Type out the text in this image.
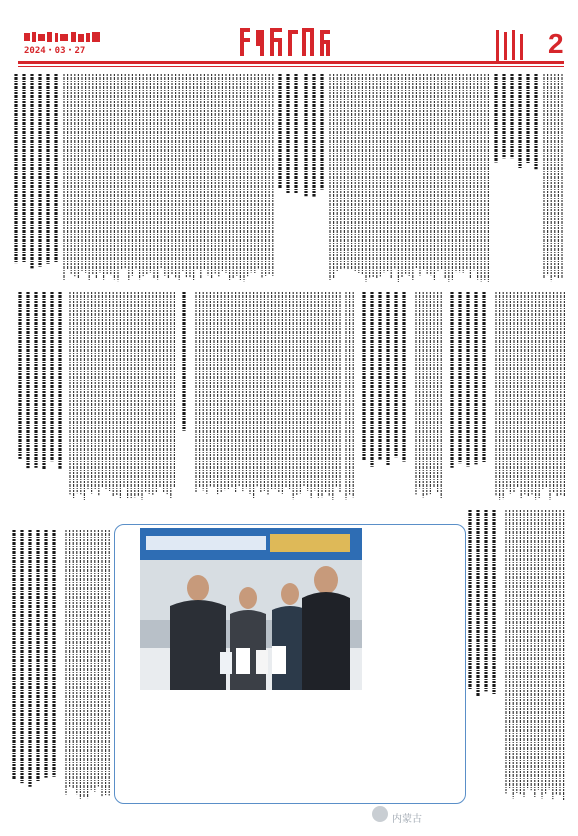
2024・03・27	2
内蒙古
